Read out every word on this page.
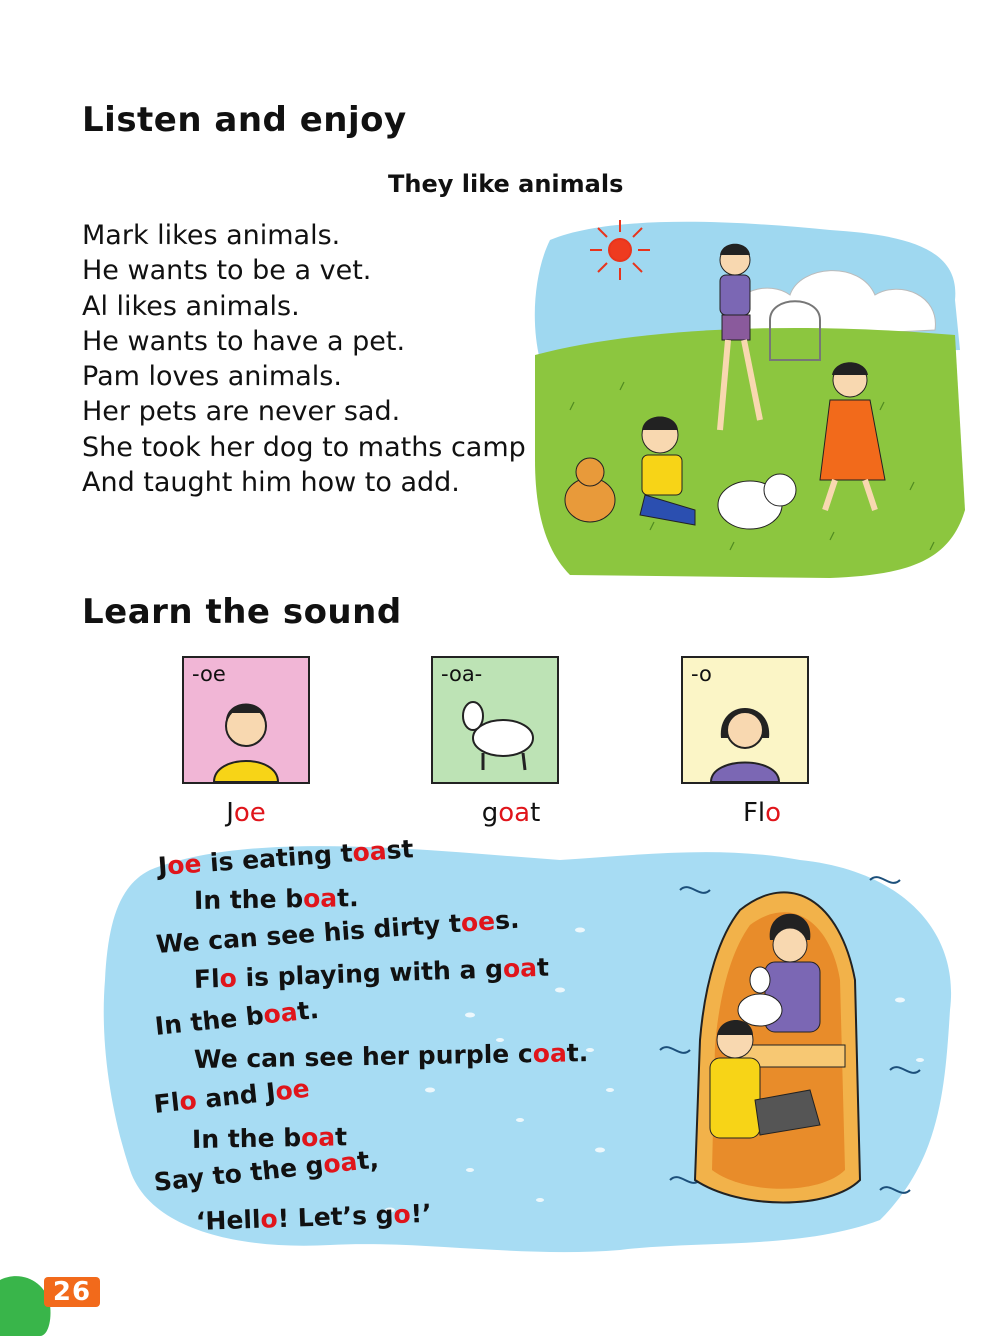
Listen and enjoy
They like animals
Mark likes animals.
He wants to be a vet.
Al likes animals.
He wants to have a pet.
Pam loves animals.
Her pets are never sad.
She took her dog to maths camp
And taught him how to add.
Learn the sound
-oe	-oa-	-o
Joe	goat	Flo
Joe is eating toast
In the boat.
We can see his dirty toes.
Flo is playing with a goat
In the boat.
We can see her purple coat.
Flo and Joe
In the boat
Say to the goat,
‘Hello! Let’s go!’
26
